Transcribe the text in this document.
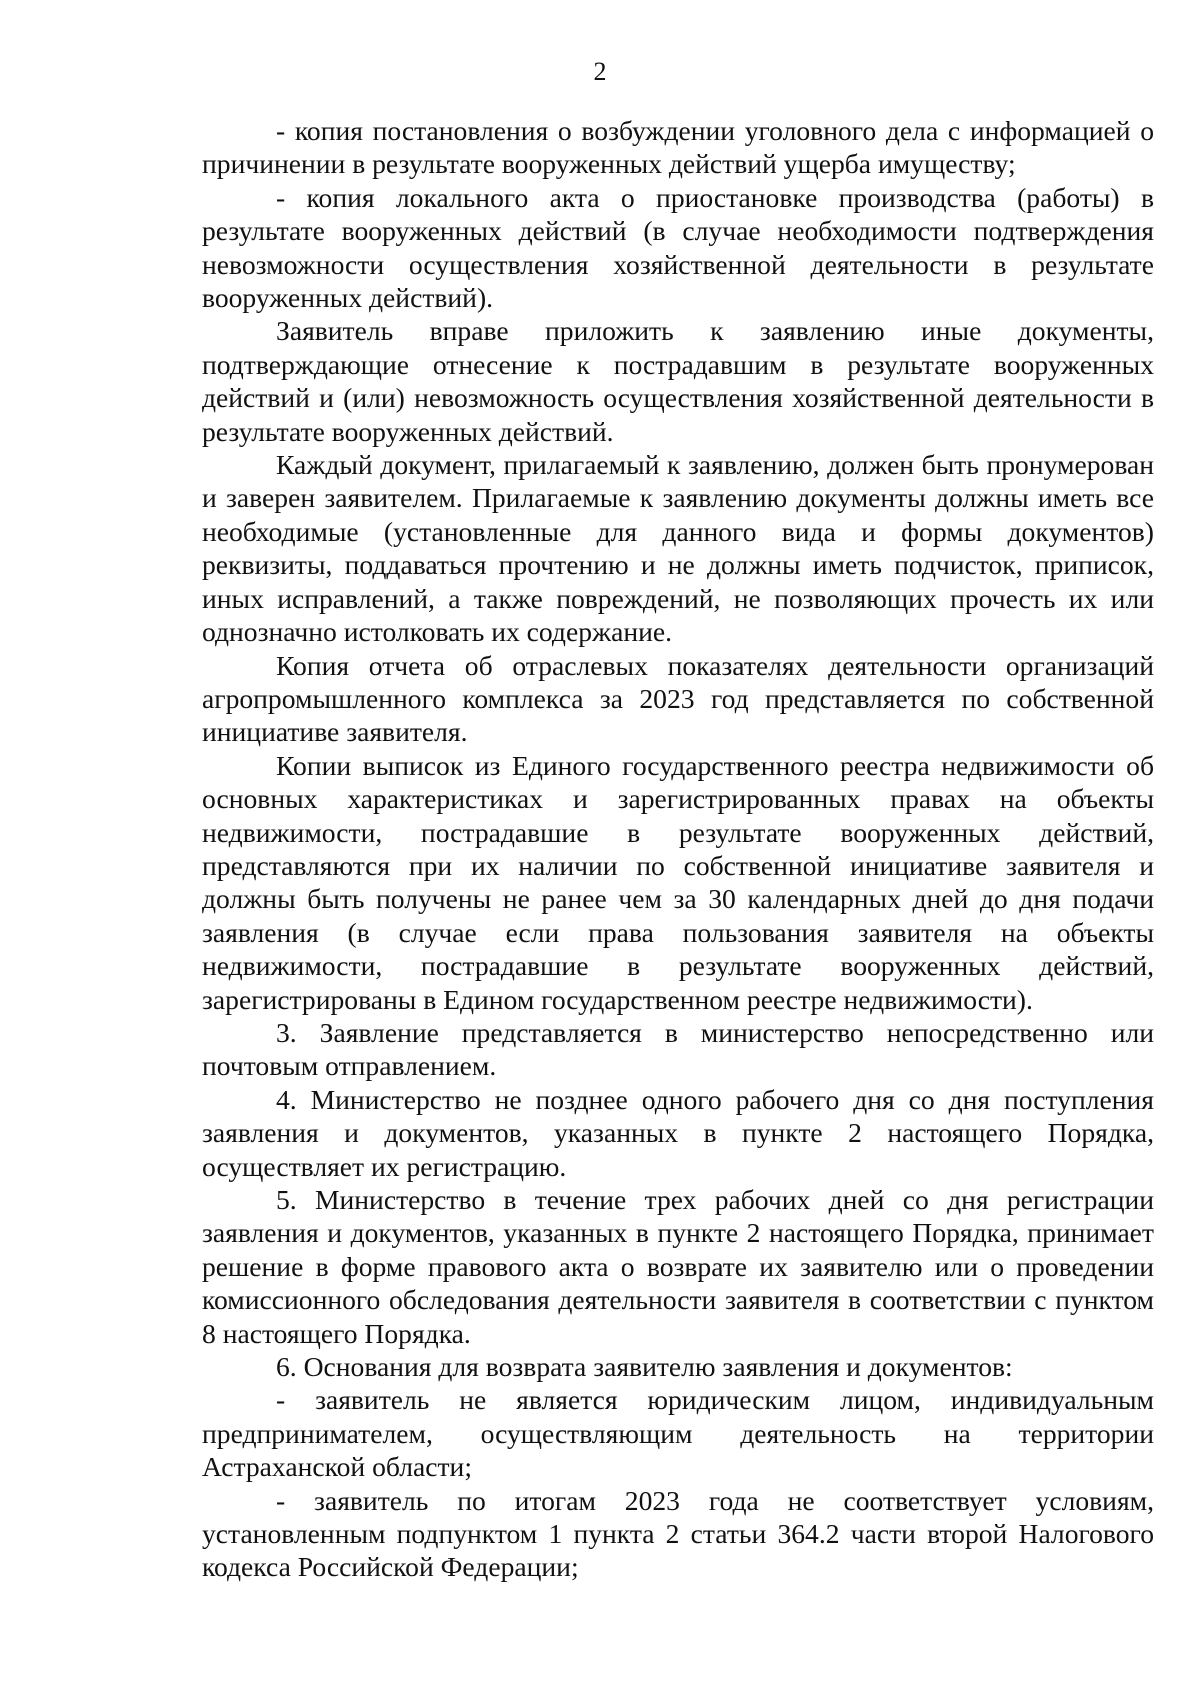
2

- копия постановления о возбуждении уголовного дела с информацией о причинении в результате вооруженных действий ущерба имуществу;

- копия локального акта о приостановке производства (работы) в результате вооруженных действий (в случае необходимости подтверждения невозможности осуществления хозяйственной деятельности в результате вооруженных действий).

Заявитель вправе приложить к заявлению иные документы, подтверждающие отнесение к пострадавшим в результате вооруженных действий и (или) невозможность осуществления хозяйственной деятельности в результате вооруженных действий.

Каждый документ, прилагаемый к заявлению, должен быть пронумерован и заверен заявителем. Прилагаемые к заявлению документы должны иметь все необходимые (установленные для данного вида и формы документов) реквизиты, поддаваться прочтению и не должны иметь подчисток, приписок, иных исправлений, а также повреждений, не позволяющих прочесть их или однозначно истолковать их содержание.

Копия отчета об отраслевых показателях деятельности организаций агропромышленного комплекса за 2023 год представляется по собственной инициативе заявителя.

Копии выписок из Единого государственного реестра недвижимости об основных характеристиках и зарегистрированных правах на объекты недвижимости, пострадавшие в результате вооруженных действий, представляются при их наличии по собственной инициативе заявителя и должны быть получены не ранее чем за 30 календарных дней до дня подачи заявления (в случае если права пользования заявителя на объекты недвижимости, пострадавшие в результате вооруженных действий, зарегистрированы в Едином государственном реестре недвижимости).

3. Заявление представляется в министерство непосредственно или почтовым отправлением.

4. Министерство не позднее одного рабочего дня со дня поступления заявления и документов, указанных в пункте 2 настоящего Порядка, осуществляет их регистрацию.

5. Министерство в течение трех рабочих дней со дня регистрации заявления и документов, указанных в пункте 2 настоящего Порядка, принимает решение в форме правового акта о возврате их заявителю или о проведении комиссионного обследования деятельности заявителя в соответствии с пунктом 8 настоящего Порядка.

6. Основания для возврата заявителю заявления и документов:

- заявитель не является юридическим лицом, индивидуальным предпринимателем, осуществляющим деятельность на территории Астраханской области;

- заявитель по итогам 2023 года не соответствует условиям, установленным подпунктом 1 пункта 2 статьи 364.2 части второй Налогового кодекса Российской Федерации;
